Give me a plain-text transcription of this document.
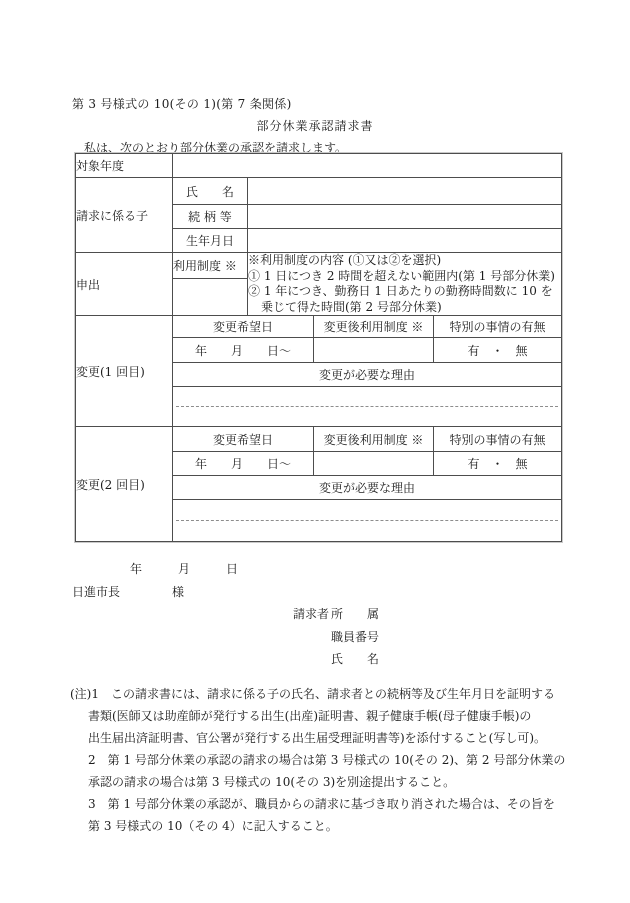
第 3 号様式の 10(その 1)(第 7 条関係)
部分休業承認請求書
私は、次のとおり部分休業の承認を請求します。
対象年度				
請求に係る子	氏　　名			
	続 柄 等			
	生年月日			
申出	利用制度 ※	※利用制度の内容 (①又は②を選択)
① 1 日につき 2 時間を超えない範囲内(第 1 号部分休業)
② 1 年につき、勤務日 1 日あたりの勤務時間数に 10 を
乗じて得た時間(第 2 号部分休業)		

変更(1 回目)	変更希望日		変更後利用制度 ※	特別の事情の有無
	年　　月　　日〜			有　・　無
	変更が必要な理由			

変更(2 回目)	変更希望日		変更後利用制度 ※	特別の事情の有無
	年　　月　　日〜			有　・　無
	変更が必要な理由			

年　　　月　　　日
日進市長	様
請求者 所　　属
職員番号
氏　　名
(注)1　この請求書には、請求に係る子の氏名、請求者との続柄等及び生年月日を証明する
書類(医師又は助産師が発行する出生(出産)証明書、親子健康手帳(母子健康手帳)の
出生届出済証明書、官公署が発行する出生届受理証明書等)を添付すること(写し可)。
2　第 1 号部分休業の承認の請求の場合は第 3 号様式の 10(その 2)、第 2 号部分休業の
承認の請求の場合は第 3 号様式の 10(その 3)を別途提出すること。
3　第 1 号部分休業の承認が、職員からの請求に基づき取り消された場合は、その旨を
第 3 号様式の 10（その 4）に記入すること。
